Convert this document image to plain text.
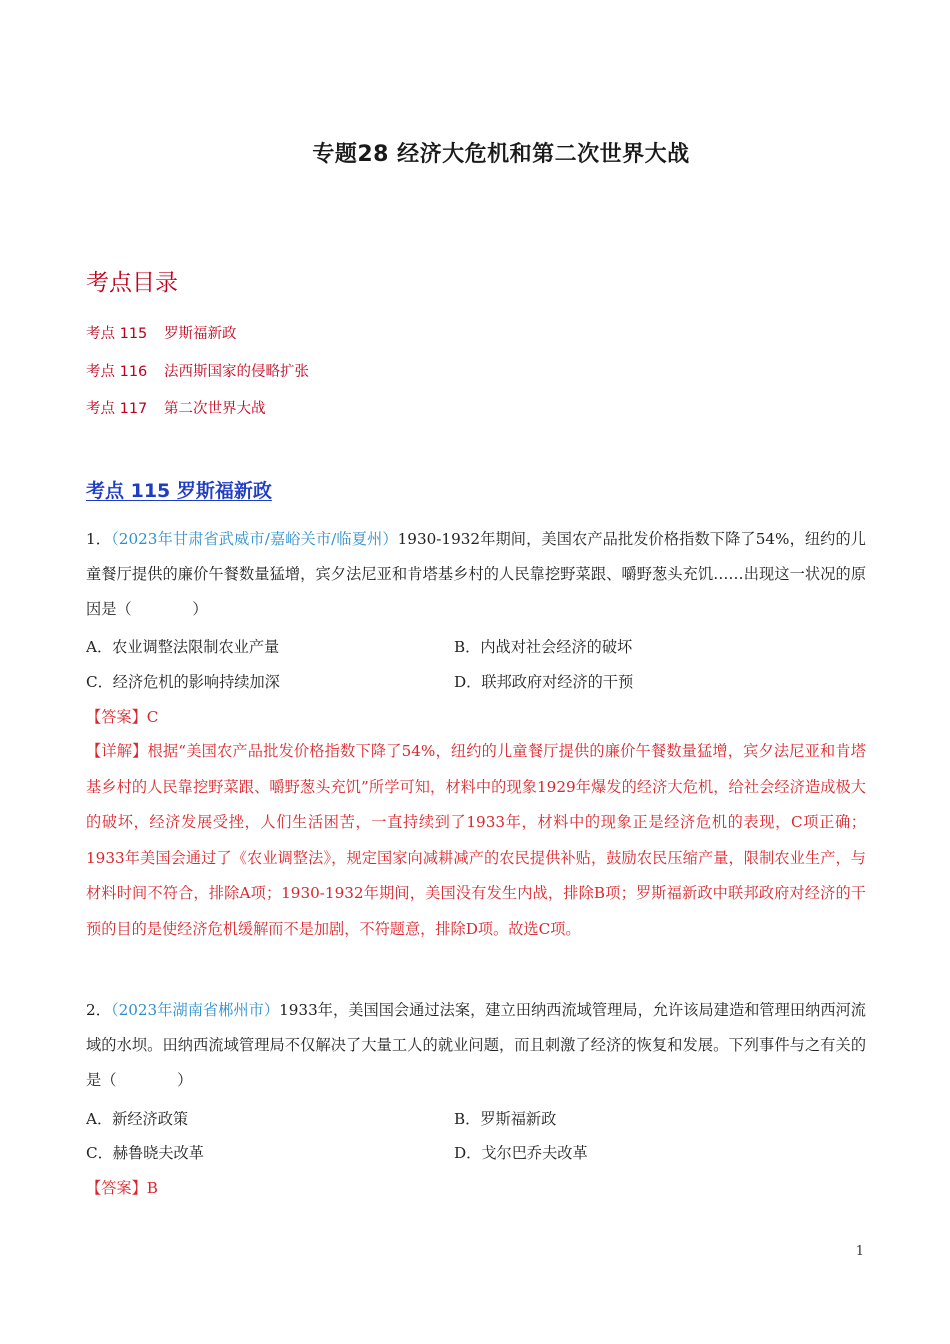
专题28 经济大危机和第二次世界大战
考点目录
考点 115 罗斯福新政
考点 116 法西斯国家的侵略扩张
考点 117 第二次世界大战
考点 115 罗斯福新政
1．（2023年甘肃省武威市/嘉峪关市/临夏州）1930-1932年期间，美国农产品批发价格指数下降了54%，纽约的儿童餐厅提供的廉价午餐数量猛增，宾夕法尼亚和肯塔基乡村的人民靠挖野菜跟、嚼野葱头充饥……出现这一状况的原因是（　　　　）
A．农业调整法限制农业产量	B．内战对社会经济的破坏
C．经济危机的影响持续加深	D．联邦政府对经济的干预
【答案】C
【详解】根据“美国农产品批发价格指数下降了54%，纽约的儿童餐厅提供的廉价午餐数量猛增，宾夕法尼亚和肯塔基乡村的人民靠挖野菜跟、嚼野葱头充饥”所学可知，材料中的现象1929年爆发的经济大危机，给社会经济造成极大的破坏，经济发展受挫，人们生活困苦，一直持续到了1933年，材料中的现象正是经济危机的表现，C项正确；1933年美国会通过了《农业调整法》，规定国家向减耕减产的农民提供补贴，鼓励农民压缩产量，限制农业生产，与材料时间不符合，排除A项；1930-1932年期间，美国没有发生内战，排除B项；罗斯福新政中联邦政府对经济的干预的目的是使经济危机缓解而不是加剧，不符题意，排除D项。故选C项。
2．（2023年湖南省郴州市）1933年，美国国会通过法案，建立田纳西流域管理局，允许该局建造和管理田纳西河流域的水坝。田纳西流域管理局不仅解决了大量工人的就业问题，而且刺激了经济的恢复和发展。下列事件与之有关的是（　　　　）
A．新经济政策	B．罗斯福新政
C．赫鲁晓夫改革	D．戈尔巴乔夫改革
【答案】B
1
